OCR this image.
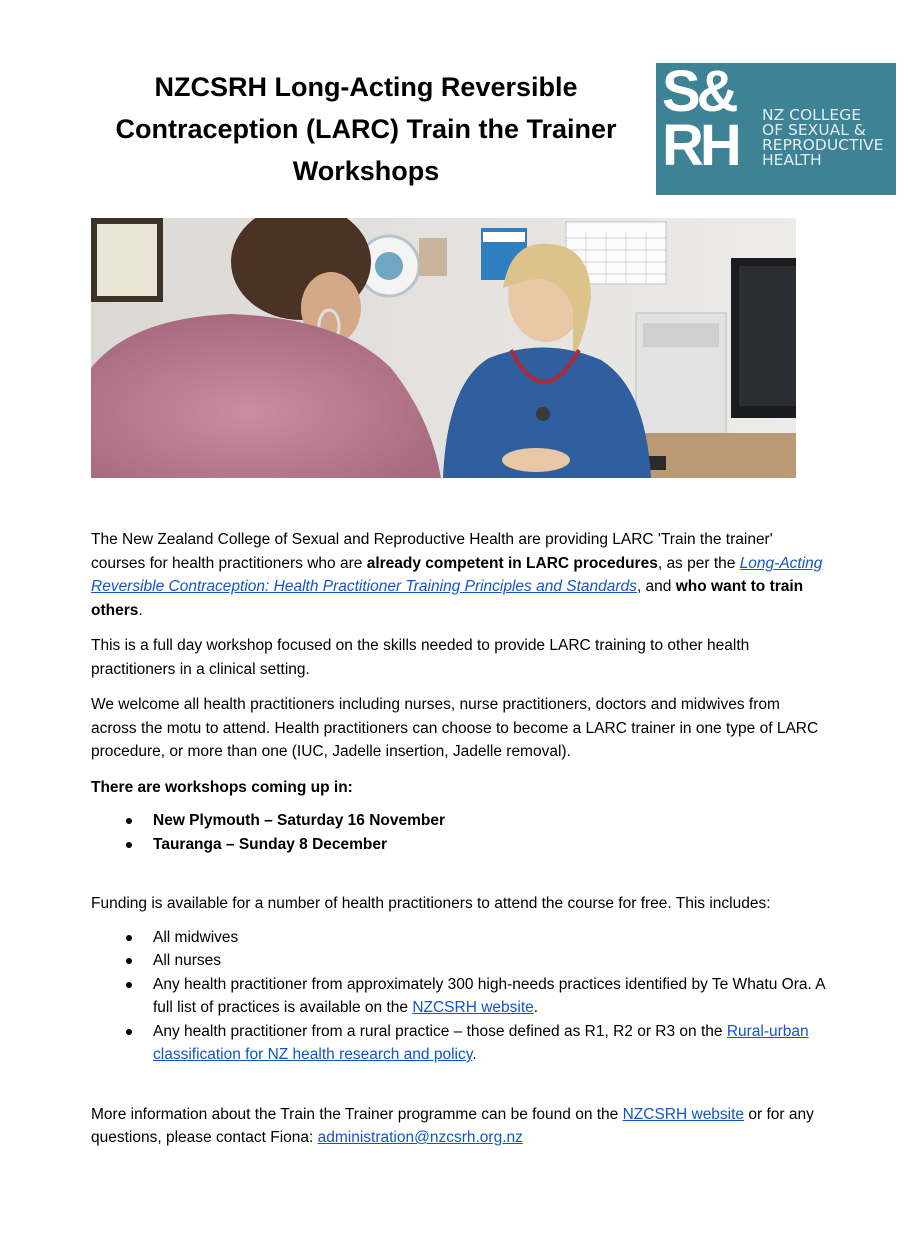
NZCSRH Long-Acting Reversible Contraception (LARC) Train the Trainer Workshops
S&
RH NZ COLLEGE
OF SEXUAL &
REPRODUCTIVE
HEALTH

The New Zealand College of Sexual and Reproductive Health are providing LARC 'Train the trainer' courses for health practitioners who are already competent in LARC procedures, as per the Long-Acting Reversible Contraception: Health Practitioner Training Principles and Standards, and who want to train others.

This is a full day workshop focused on the skills needed to provide LARC training to other health practitioners in a clinical setting.

We welcome all health practitioners including nurses, nurse practitioners, doctors and midwives from across the motu to attend. Health practitioners can choose to become a LARC trainer in one type of LARC procedure, or more than one (IUC, Jadelle insertion, Jadelle removal).

There are workshops coming up in:

New Plymouth – Saturday 16 November
Tauranga – Sunday 8 December

Funding is available for a number of health practitioners to attend the course for free. This includes:

All midwives
All nurses
Any health practitioner from approximately 300 high-needs practices identified by Te Whatu Ora. A full list of practices is available on the NZCSRH website.
Any health practitioner from a rural practice – those defined as R1, R2 or R3 on the Rural-urban classification for NZ health research and policy.

More information about the Train the Trainer programme can be found on the NZCSRH website or for any questions, please contact Fiona: administration@nzcsrh.org.nz
